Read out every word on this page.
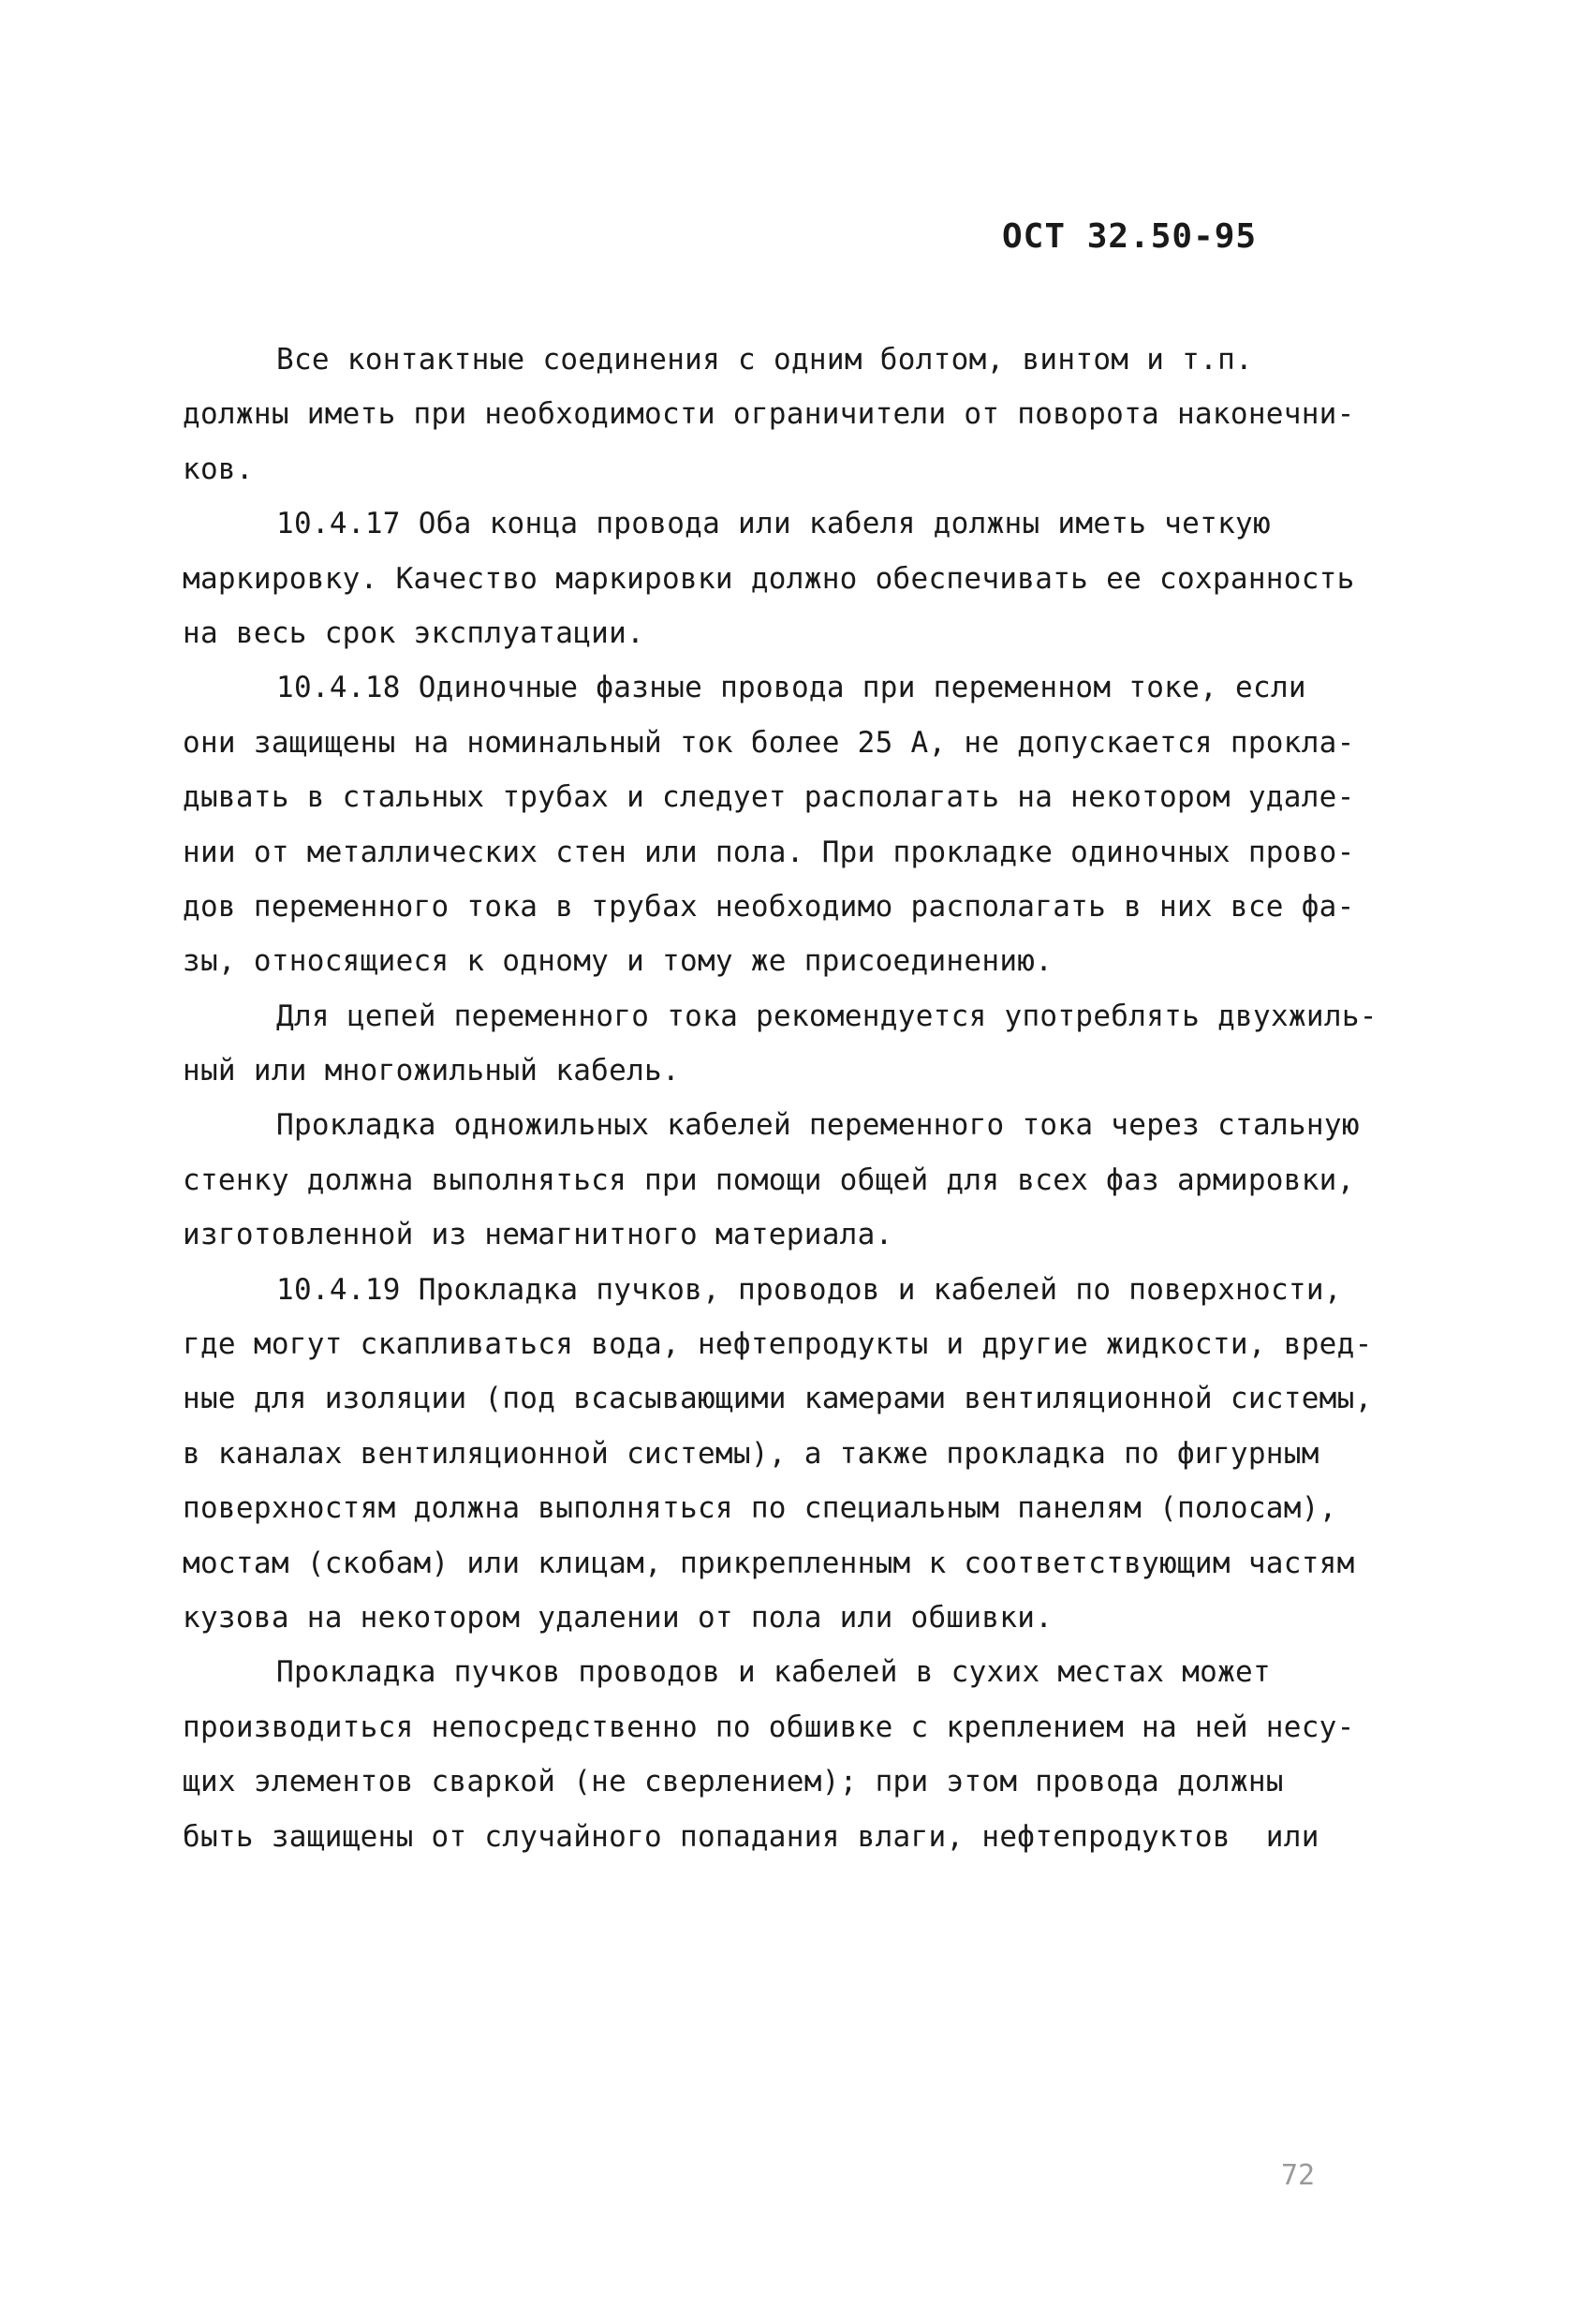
ОСТ 32.50-95
Все контактные соединения с одним болтом, винтом и т.п.
должны иметь при необходимости ограничители от поворота наконечни-
ков.
10.4.17 Оба конца провода или кабеля должны иметь четкую
маркировку. Качество маркировки должно обеспечивать ее сохранность
на весь срок эксплуатации.
10.4.18 Одиночные фазные провода при переменном токе, если
они защищены на номинальный ток более 25 А, не допускается прокла-
дывать в стальных трубах и следует располагать на некотором удале-
нии от металлических стен или пола. При прокладке одиночных прово-
дов переменного тока в трубах необходимо располагать в них все фа-
зы, относящиеся к одному и тому же присоединению.
Для цепей переменного тока рекомендуется употреблять двухжиль-
ный или многожильный кабель.
Прокладка одножильных кабелей переменного тока через стальную
стенку должна выполняться при помощи общей для всех фаз армировки,
изготовленной из немагнитного материала.
10.4.19 Прокладка пучков, проводов и кабелей по поверхности,
где могут скапливаться вода, нефтепродукты и другие жидкости, вред-
ные для изоляции (под всасывающими камерами вентиляционной системы,
в каналах вентиляционной системы), а также прокладка по фигурным
поверхностям должна выполняться по специальным панелям (полосам),
мостам (скобам) или клицам, прикрепленным к соответствующим частям
кузова на некотором удалении от пола или обшивки.
Прокладка пучков проводов и кабелей в сухих местах может
производиться непосредственно по обшивке с креплением на ней несу-
щих элементов сваркой (не сверлением); при этом провода должны
быть защищены от случайного попадания влаги, нефтепродуктов  или
72
